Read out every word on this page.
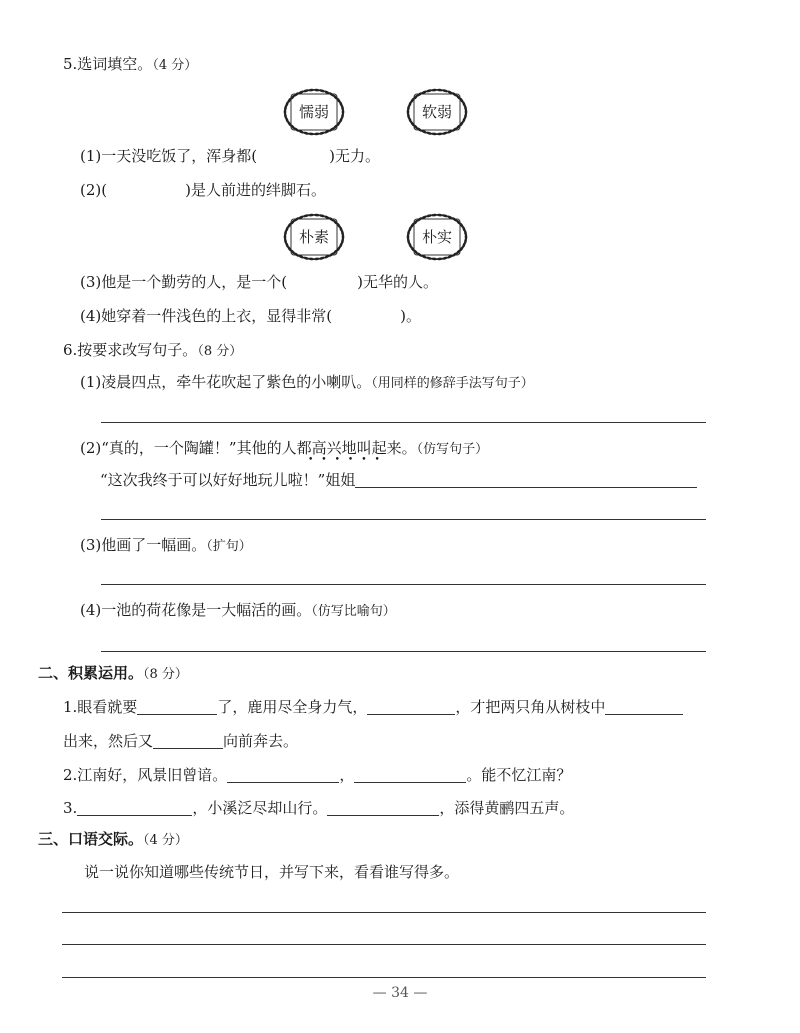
5.选词填空。（4 分）
懦弱	软弱
(1)一天没吃饭了，浑身都(	)无力。
(2)(	)是人前进的绊脚石。
朴素	朴实
(3)他是一个勤劳的人，是一个(	)无华的人。
(4)她穿着一件浅色的上衣，显得非常(	)。
6.按要求改写句子。（8 分）
(1)凌晨四点，牵牛花吹起了紫色的小喇叭。（用同样的修辞手法写句子）
(2)“真的，一个陶罐！”其他的人都高兴地叫起来。（仿写句子）
••••••
“这次我终于可以好好地玩儿啦！”姐姐
(3)他画了一幅画。（扩句）
(4)一池的荷花像是一大幅活的画。（仿写比喻句）
二、积累运用。（8 分）
1.眼看就要	了，鹿用尽全身力气，	，才把两只角从树枝中
出来，然后又	向前奔去。
2.江南好，风景旧曾谙。	，	。能不忆江南？
3.	，小溪泛尽却山行。	，添得黄鹂四五声。
三、口语交际。（4 分）
说一说你知道哪些传统节日，并写下来，看看谁写得多。
— 34 —
